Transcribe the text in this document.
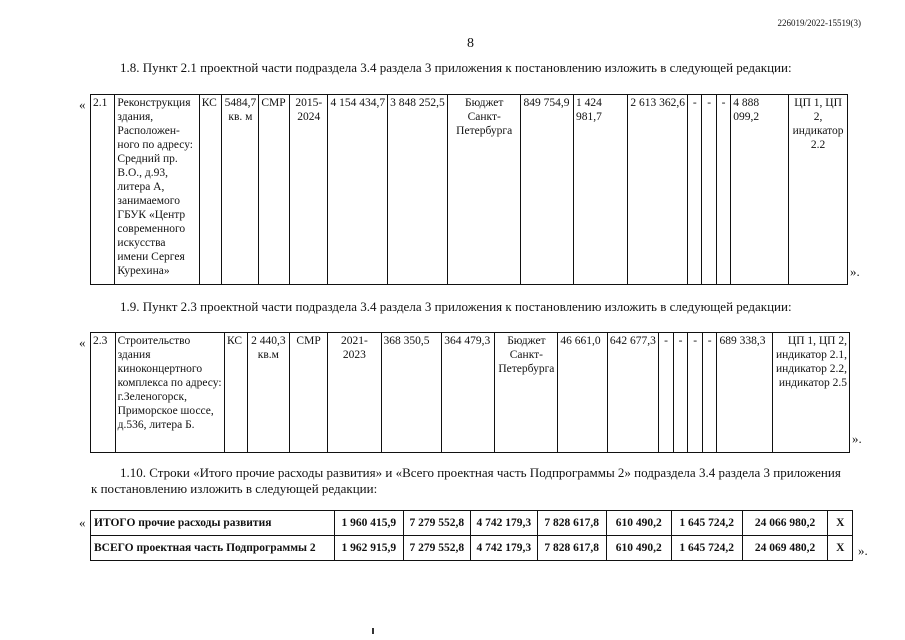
226019/2022-15519(3)
8
1.8. Пункт 2.1 проектной части подраздела 3.4 раздела 3 приложения к постановлению изложить в следующей редакции:
« 2.1	Реконструкция здания, Расположен-ного по адресу: Средний пр. В.О., д.93, литера А, занимаемого ГБУК «Центр современного искусства имени Сергея Курехина»	КС	5484,7 кв. м	СМР	2015-2024	4 154 434,7	3 848 252,5	Бюджет Санкт-Петербурга	849 754,9	1 424 981,7	2 613 362,6	-	-	-	4 888 099,2	ЦП 1, ЦП 2, индикатор 2.2
».
1.9. Пункт 2.3 проектной части подраздела 3.4 раздела 3 приложения к постановлению изложить в следующей редакции:
« 2.3	Строительство здания киноконцертного комплекса по адресу: г.Зеленогорск, Приморское шоссе, д.536, литера Б.	КС	2 440,3 кв.м	СМР	2021-2023	368 350,5	364 479,3	Бюджет Санкт-Петербурга	46 661,0	642 677,3	-	-	-	-	689 338,3	ЦП 1, ЦП 2, индикатор 2.1, индикатор 2.2, индикатор 2.5
».
1.10. Строки «Итого прочие расходы развития» и «Всего проектная часть Подпрограммы 2» подраздела 3.4 раздела 3 приложения
к постановлению изложить в следующей редакции:
« ИТОГО прочие расходы развития	1 960 415,9	7 279 552,8	4 742 179,3	7 828 617,8	610 490,2	1 645 724,2	24 066 980,2	X
ВСЕГО проектная часть Подпрограммы 2	1 962 915,9	7 279 552,8	4 742 179,3	7 828 617,8	610 490,2	1 645 724,2	24 069 480,2	X ».
